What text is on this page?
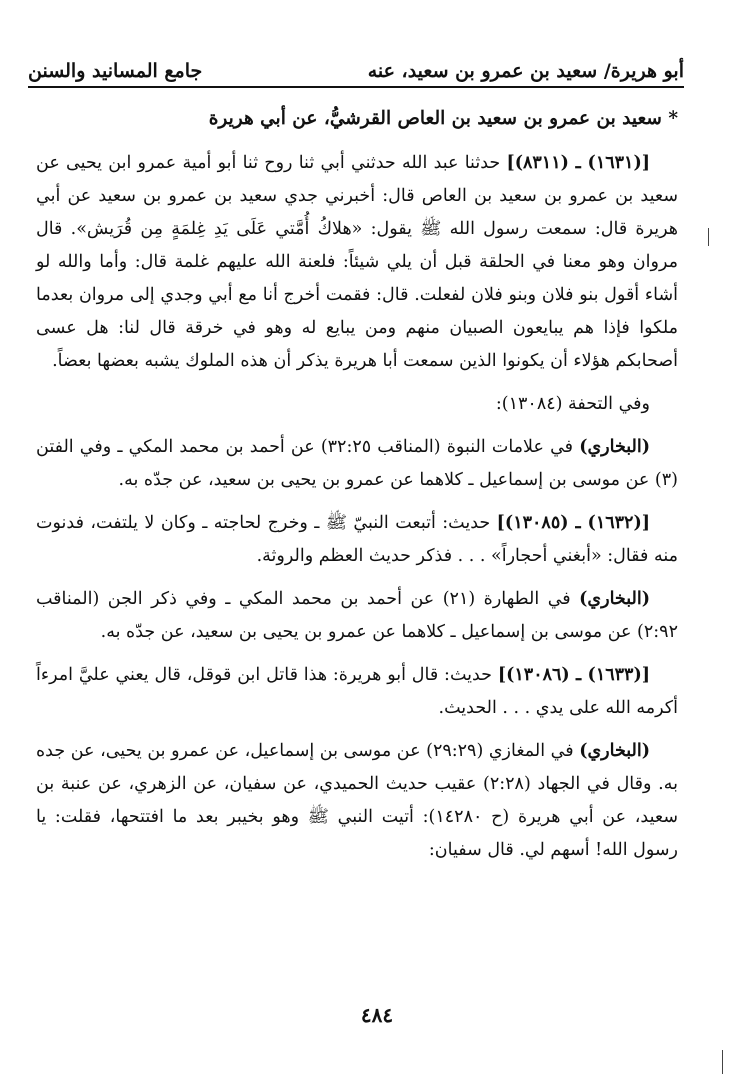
أبو هريرة/ سعيد بن عمرو بن سعيد، عنه
جامع المسانيد والسنن

* سعيد بن عمرو بن سعيد بن العاص القرشيُّ، عن أبي هريرة

[(١٦٣١) ـ (٨٣١١)] حدثنا عبد الله حدثني أبي ثنا روح ثنا أبو أمية عمرو ابن يحيى عن سعيد بن عمرو بن سعيد بن العاص قال: أخبرني جدي سعيد بن عمرو بن سعيد عن أبي هريرة قال: سمعت رسول الله ﷺ يقول: «هلاكُ أُمَّتي عَلَى يَدِ غِلمَةٍ مِن قُرَيش». قال مروان وهو معنا في الحلقة قبل أن يلي شيئاً: فلعنة الله عليهم غلمة قال: وأما والله لو أشاء أقول بنو فلان وبنو فلان لفعلت. قال: فقمت أخرج أنا مع أبي وجدي إلى مروان بعدما ملكوا فإذا هم يبايعون الصبيان منهم ومن يبايع له وهو في خرقة قال لنا: هل عسى أصحابكم هؤلاء أن يكونوا الذين سمعت أبا هريرة يذكر أن هذه الملوك يشبه بعضها بعضاً.

وفي التحفة (١٣٠٨٤):

(البخاري) في علامات النبوة (المناقب ٣٢:٢٥) عن أحمد بن محمد المكي ـ وفي الفتن (٣) عن موسى بن إسماعيل ـ كلاهما عن عمرو بن يحيى بن سعيد، عن جدّه به.

[(١٦٣٢) ـ (١٣٠٨٥)] حديث: أتبعت النبيّ ﷺ ـ وخرج لحاجته ـ وكان لا يلتفت، فدنوت منه فقال: «أبغني أحجاراً» . . . فذكر حديث العظم والروثة.

(البخاري) في الطهارة (٢١) عن أحمد بن محمد المكي ـ وفي ذكر الجن (المناقب ٢:٩٢) عن موسى بن إسماعيل ـ كلاهما عن عمرو بن يحيى بن سعيد، عن جدّه به.

[(١٦٣٣) ـ (١٣٠٨٦)] حديث: قال أبو هريرة: هذا قاتل ابن قوقل، قال يعني عليَّ امرءاً أكرمه الله على يدي . . . الحديث.

(البخاري) في المغازي (٢٩:٢٩) عن موسى بن إسماعيل، عن عمرو بن يحيى، عن جده به. وقال في الجهاد (٢:٢٨) عقيب حديث الحميدي، عن سفيان، عن الزهري، عن عنبة بن سعيد، عن أبي هريرة (ح ١٤٢٨٠): أتيت النبي ﷺ وهو بخيبر بعد ما افتتحها، فقلت: يا رسول الله! أسهم لي. قال سفيان:

٤٨٤
